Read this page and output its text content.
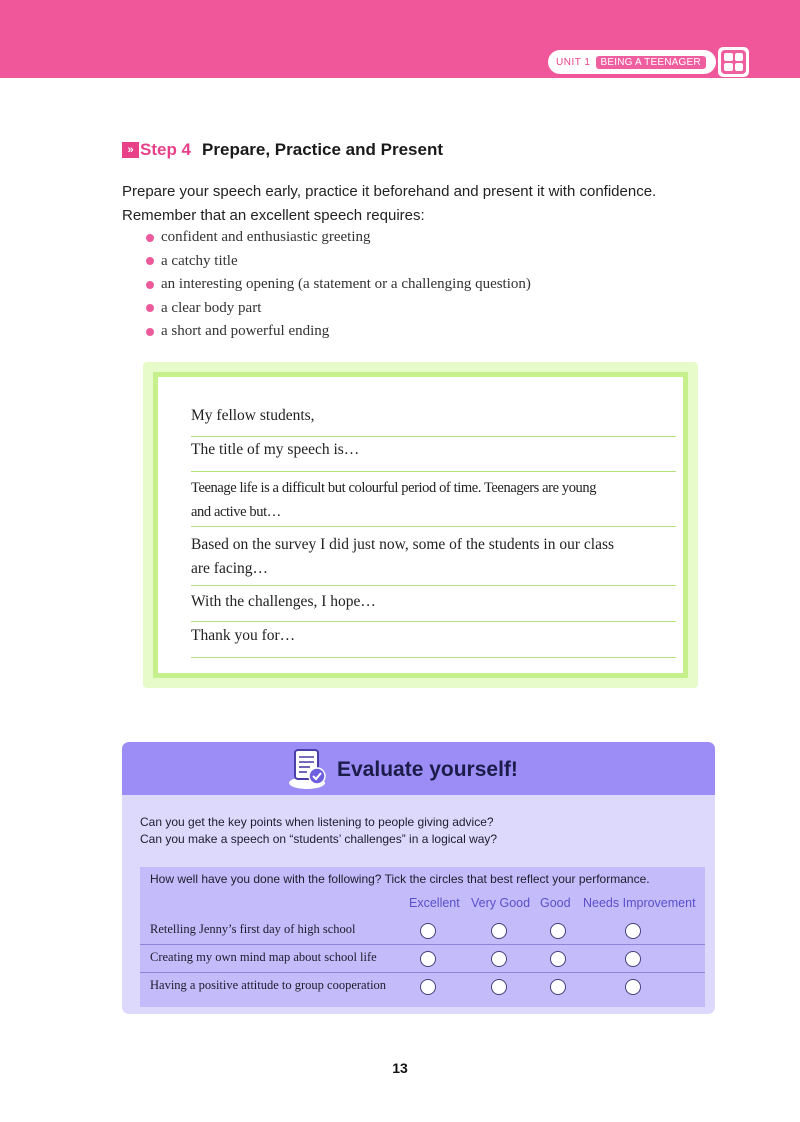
UNIT 1	BEING A TEENAGER
» Step 4 Prepare, Practice and Present
Prepare your speech early, practice it beforehand and present it with confidence.
Remember that an excellent speech requires:
confident and enthusiastic greeting
a catchy title
an interesting opening (a statement or a challenging question)
a clear body part
a short and powerful ending
My fellow students,
The title of my speech is…
Teenage life is a difficult but colourful period of time. Teenagers are young
and active but…
Based on the survey I did just now, some of the students in our class
are facing…
With the challenges, I hope…
Thank you for…
Evaluate yourself!
Can you get the key points when listening to people giving advice?
Can you make a speech on “students’ challenges” in a logical way?
How well have you done with the following? Tick the circles that best reflect your performance.
Excellent Very Good Good Needs Improvement
Retelling Jenny’s first day of high school
Creating my own mind map about school life
Having a positive attitude to group cooperation
13
